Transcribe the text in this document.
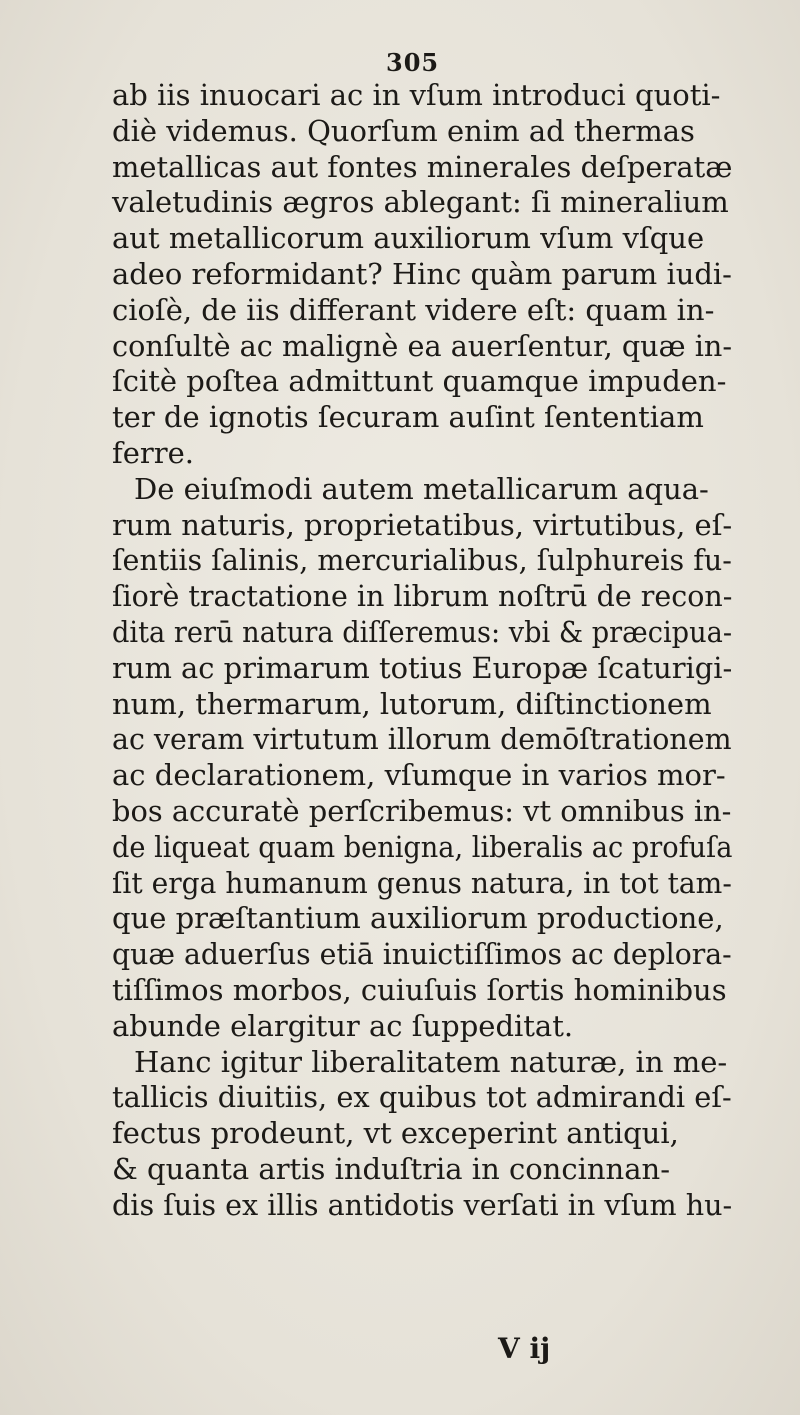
305
ab iis inuocari ac in vſum introduci quoti-
diè videmus. Quorſum enim ad thermas
metallicas aut fontes minerales deſperatæ
valetudinis ægros ablegant: ſi mineralium
aut metallicorum auxiliorum vſum vſque
adeo reformidant? Hinc quàm parum iudi-
cioſè, de iis differant videre eſt: quam in-
conſultè ac malignè ea auerſentur, quæ in-
ſcitè poſtea admittunt quamque impuden-
ter de ignotis ſecuram auſint ſententiam
ferre.
De eiuſmodi autem metallicarum aqua-
rum naturis, proprietatibus, virtutibus, eſ-
ſentiis ſalinis, mercurialibus, ſulphureis fu-
ſiorè tractatione in librum noſtrū de recon-
dita rerū natura diſſeremus: vbi & præcipua-
rum ac primarum totius Europæ ſcaturigi-
num, thermarum, lutorum, diſtinctionem
ac veram virtutum illorum demōſtrationem
ac declarationem, vſumque in varios mor-
bos accuratè perſcribemus: vt omnibus in-
de liqueat quam benigna, liberalis ac profuſa
ſit erga humanum genus natura, in tot tam-
que præſtantium auxiliorum productione,
quæ aduerſus etiā inuictiſſimos ac deplora-
tiſſimos morbos, cuiuſuis ſortis hominibus
abunde elargitur ac ſuppeditat.
Hanc igitur liberalitatem naturæ, in me-
tallicis diuitiis, ex quibus tot admirandi eſ-
fectus prodeunt, vt exceperint antiqui,
& quanta artis induſtria in concinnan-
dis ſuis ex illis antidotis verſati in vſum hu-
V ij
